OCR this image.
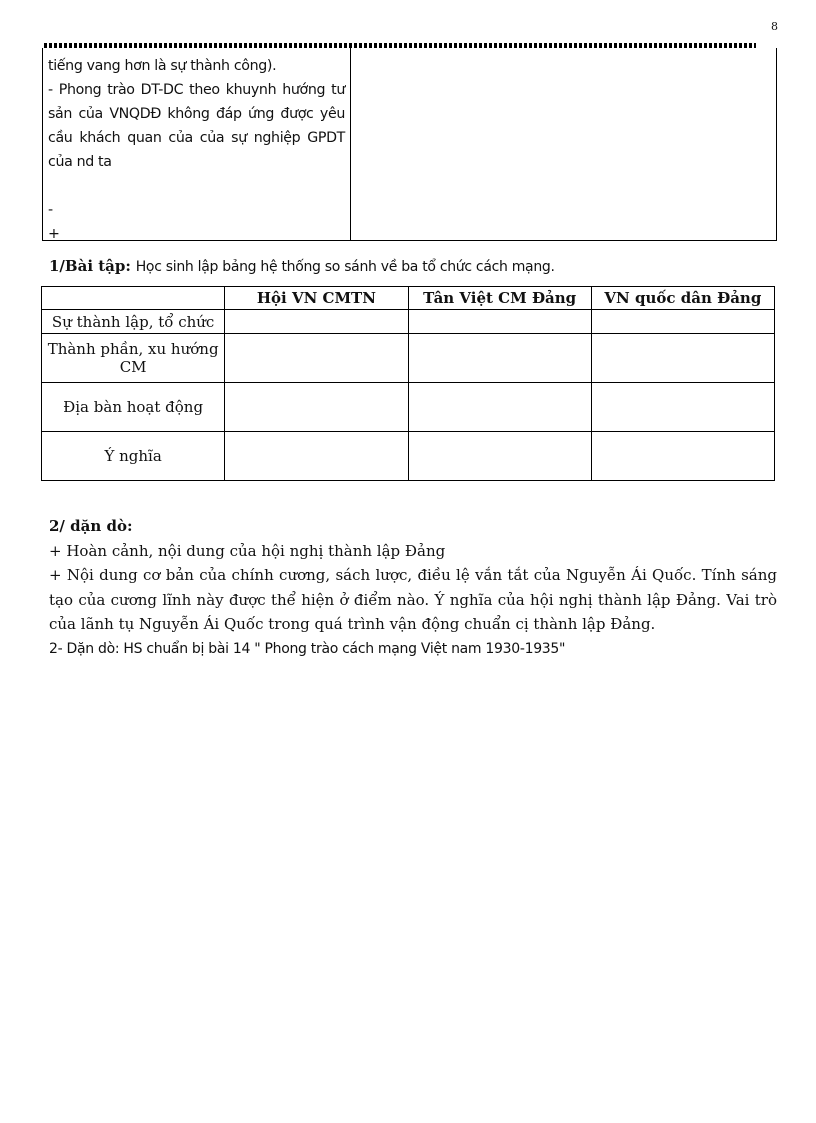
8

tiếng vang hơn là sự thành công).

- Phong trào DT-DC theo khuynh hướng tư sản của VNQDĐ không đáp ứng được yêu cầu khách quan của của sự nghiệp GPDT của nd ta

-

+

1/Bài tập: Học sinh lập bảng hệ thống so sánh về ba tổ chức cách mạng.
	Hội VN CMTN	Tân Việt CM Đảng	VN quốc dân Đảng
Sự thành lập, tổ chức			
Thành phần, xu hướng CM			
Địa bàn hoạt động			
Ý nghĩa			
2/ dặn dò:

+ Hoàn cảnh, nội dung của hội nghị thành lập Đảng

+ Nội dung cơ bản của chính cương, sách lược, điều lệ vắn tắt của Nguyễn Ái Quốc. Tính sáng tạo của cương lĩnh này được thể hiện ở điểm nào. Ý nghĩa của hội nghị thành lập Đảng. Vai trò của lãnh tụ Nguyễn Ái Quốc trong quá trình vận động chuẩn cị thành lập Đảng.

2- Dặn dò: HS chuẩn bị bài 14 " Phong trào cách mạng Việt nam 1930-1935"
